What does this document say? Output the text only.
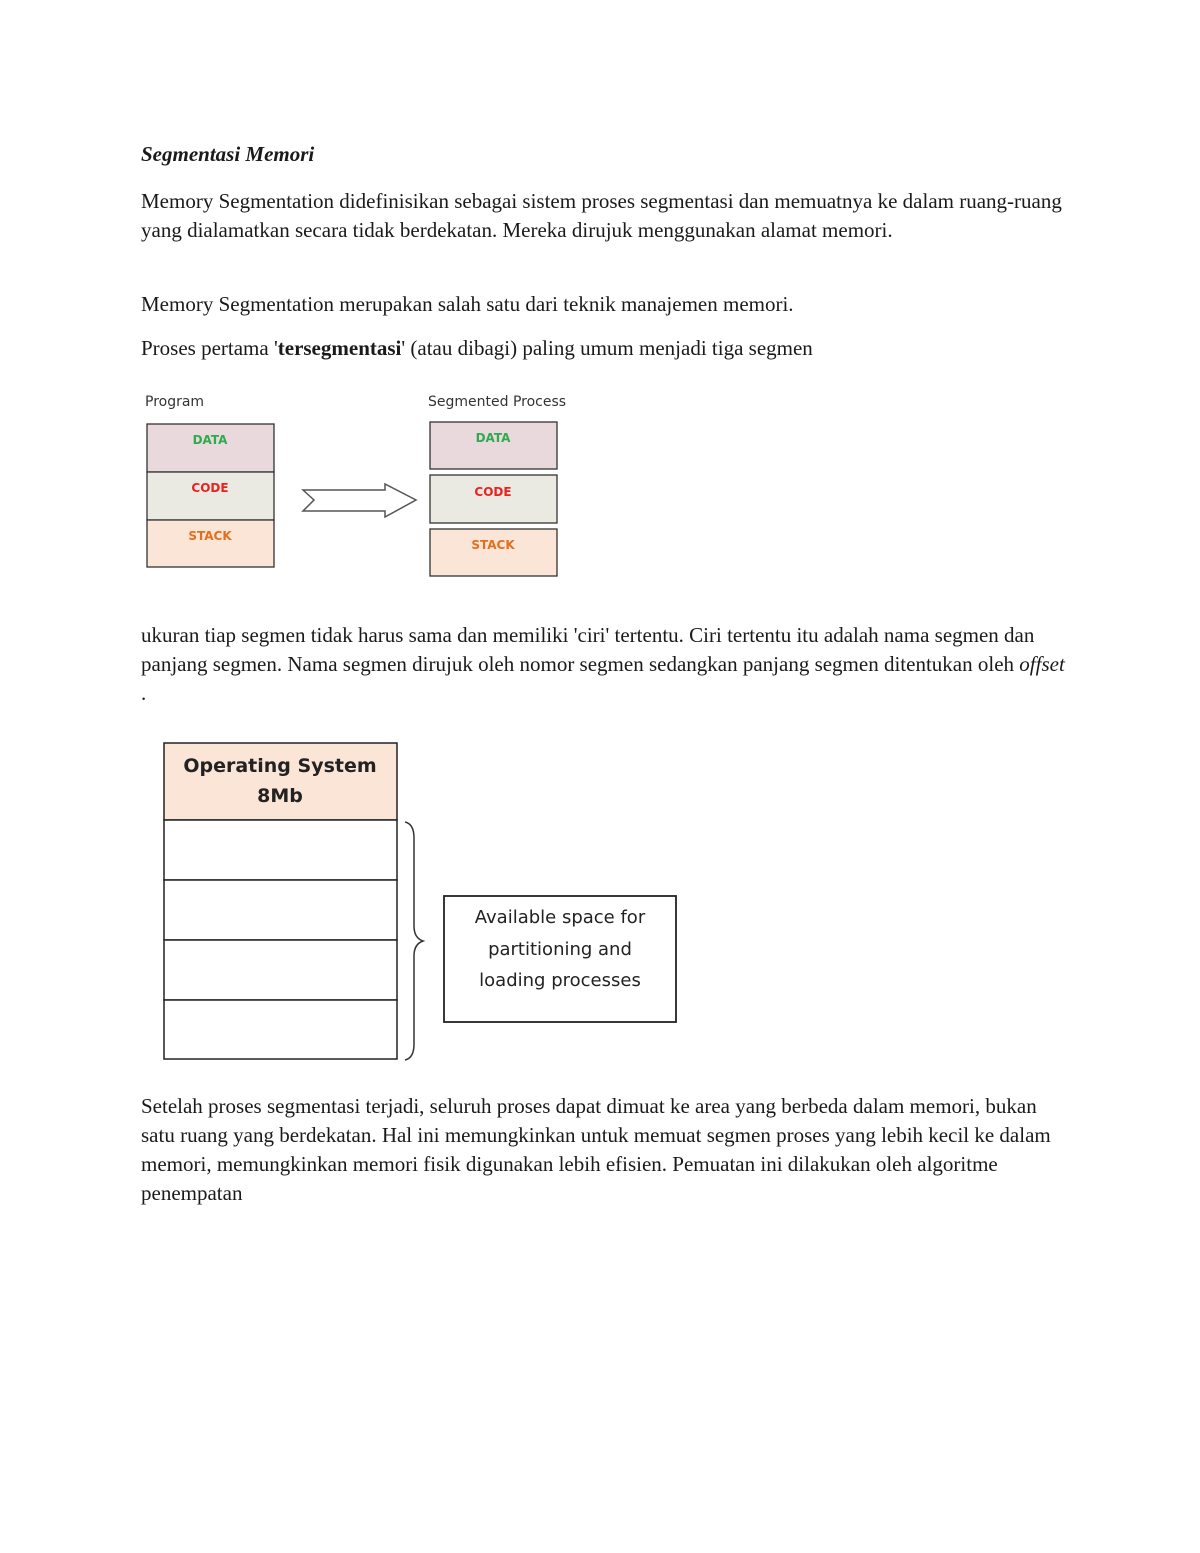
Segmentasi Memori
Memory Segmentation didefinisikan sebagai sistem proses segmentasi dan memuatnya ke dalam ruang-ruang yang dialamatkan secara tidak berdekatan. Mereka dirujuk menggunakan alamat memori.
Memory Segmentation merupakan salah satu dari teknik manajemen memori.
Proses pertama 'tersegmentasi' (atau dibagi) paling umum menjadi tiga segmen
Program	Segmented Process
DATA
CODE
STACK
DATA
CODE
STACK
ukuran tiap segmen tidak harus sama dan memiliki 'ciri' tertentu. Ciri tertentu itu adalah nama segmen dan panjang segmen. Nama segmen dirujuk oleh nomor segmen sedangkan panjang segmen ditentukan oleh offset .
Operating System
8Mb
Available space for
partitioning and
loading processes
Setelah proses segmentasi terjadi, seluruh proses dapat dimuat ke area yang berbeda dalam memori, bukan satu ruang yang berdekatan. Hal ini memungkinkan untuk memuat segmen proses yang lebih kecil ke dalam memori, memungkinkan memori fisik digunakan lebih efisien. Pemuatan ini dilakukan oleh algoritme penempatan
